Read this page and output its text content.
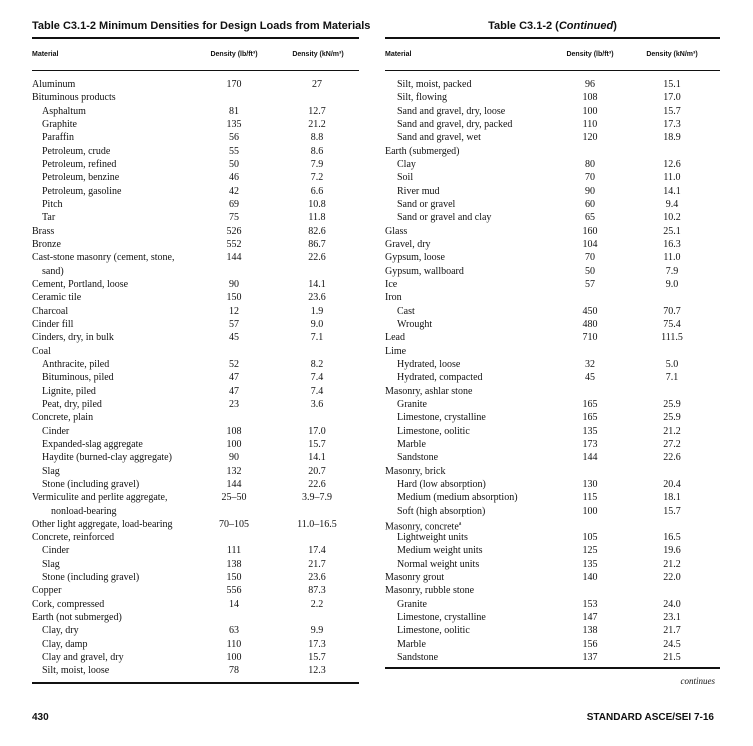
Table C3.1-2 Minimum Densities for Design Loads from Materials
Material	Density (lb/ft³)	Density (kN/m³)
Aluminum	170	27
Bituminous products
Asphaltum	81	12.7
Graphite	135	21.2
Paraffin	56	8.8
Petroleum, crude	55	8.6
Petroleum, refined	50	7.9
Petroleum, benzine	46	7.2
Petroleum, gasoline	42	6.6
Pitch	69	10.8
Tar	75	11.8
Brass	526	82.6
Bronze	552	86.7
Cast-stone masonry (cement, stone,	144	22.6
sand)
Cement, Portland, loose	90	14.1
Ceramic tile	150	23.6
Charcoal	12	1.9
Cinder fill	57	9.0
Cinders, dry, in bulk	45	7.1
Coal
Anthracite, piled	52	8.2
Bituminous, piled	47	7.4
Lignite, piled	47	7.4
Peat, dry, piled	23	3.6
Concrete, plain
Cinder	108	17.0
Expanded-slag aggregate	100	15.7
Haydite (burned-clay aggregate)	90	14.1
Slag	132	20.7
Stone (including gravel)	144	22.6
Vermiculite and perlite aggregate,	25–50	3.9–7.9
nonload-bearing
Other light aggregate, load-bearing	70–105	11.0–16.5
Concrete, reinforced
Cinder	111	17.4
Slag	138	21.7
Stone (including gravel)	150	23.6
Copper	556	87.3
Cork, compressed	14	2.2
Earth (not submerged)
Clay, dry	63	9.9
Clay, damp	110	17.3
Clay and gravel, dry	100	15.7
Silt, moist, loose	78	12.3
Table C3.1-2 (Continued)
Material	Density (lb/ft³)	Density (kN/m³)
Silt, moist, packed	96	15.1
Silt, flowing	108	17.0
Sand and gravel, dry, loose	100	15.7
Sand and gravel, dry, packed	110	17.3
Sand and gravel, wet	120	18.9
Earth (submerged)
Clay	80	12.6
Soil	70	11.0
River mud	90	14.1
Sand or gravel	60	9.4
Sand or gravel and clay	65	10.2
Glass	160	25.1
Gravel, dry	104	16.3
Gypsum, loose	70	11.0
Gypsum, wallboard	50	7.9
Ice	57	9.0
Iron
Cast	450	70.7
Wrought	480	75.4
Lead	710	111.5
Lime
Hydrated, loose	32	5.0
Hydrated, compacted	45	7.1
Masonry, ashlar stone
Granite	165	25.9
Limestone, crystalline	165	25.9
Limestone, oolitic	135	21.2
Marble	173	27.2
Sandstone	144	22.6
Masonry, brick
Hard (low absorption)	130	20.4
Medium (medium absorption)	115	18.1
Soft (high absorption)	100	15.7
Masonry, concrete$^a$
Lightweight units	105	16.5
Medium weight units	125	19.6
Normal weight units	135	21.2
Masonry grout	140	22.0
Masonry, rubble stone
Granite	153	24.0
Limestone, crystalline	147	23.1
Limestone, oolitic	138	21.7
Marble	156	24.5
Sandstone	137	21.5
continues
430	STANDARD ASCE/SEI 7-16
